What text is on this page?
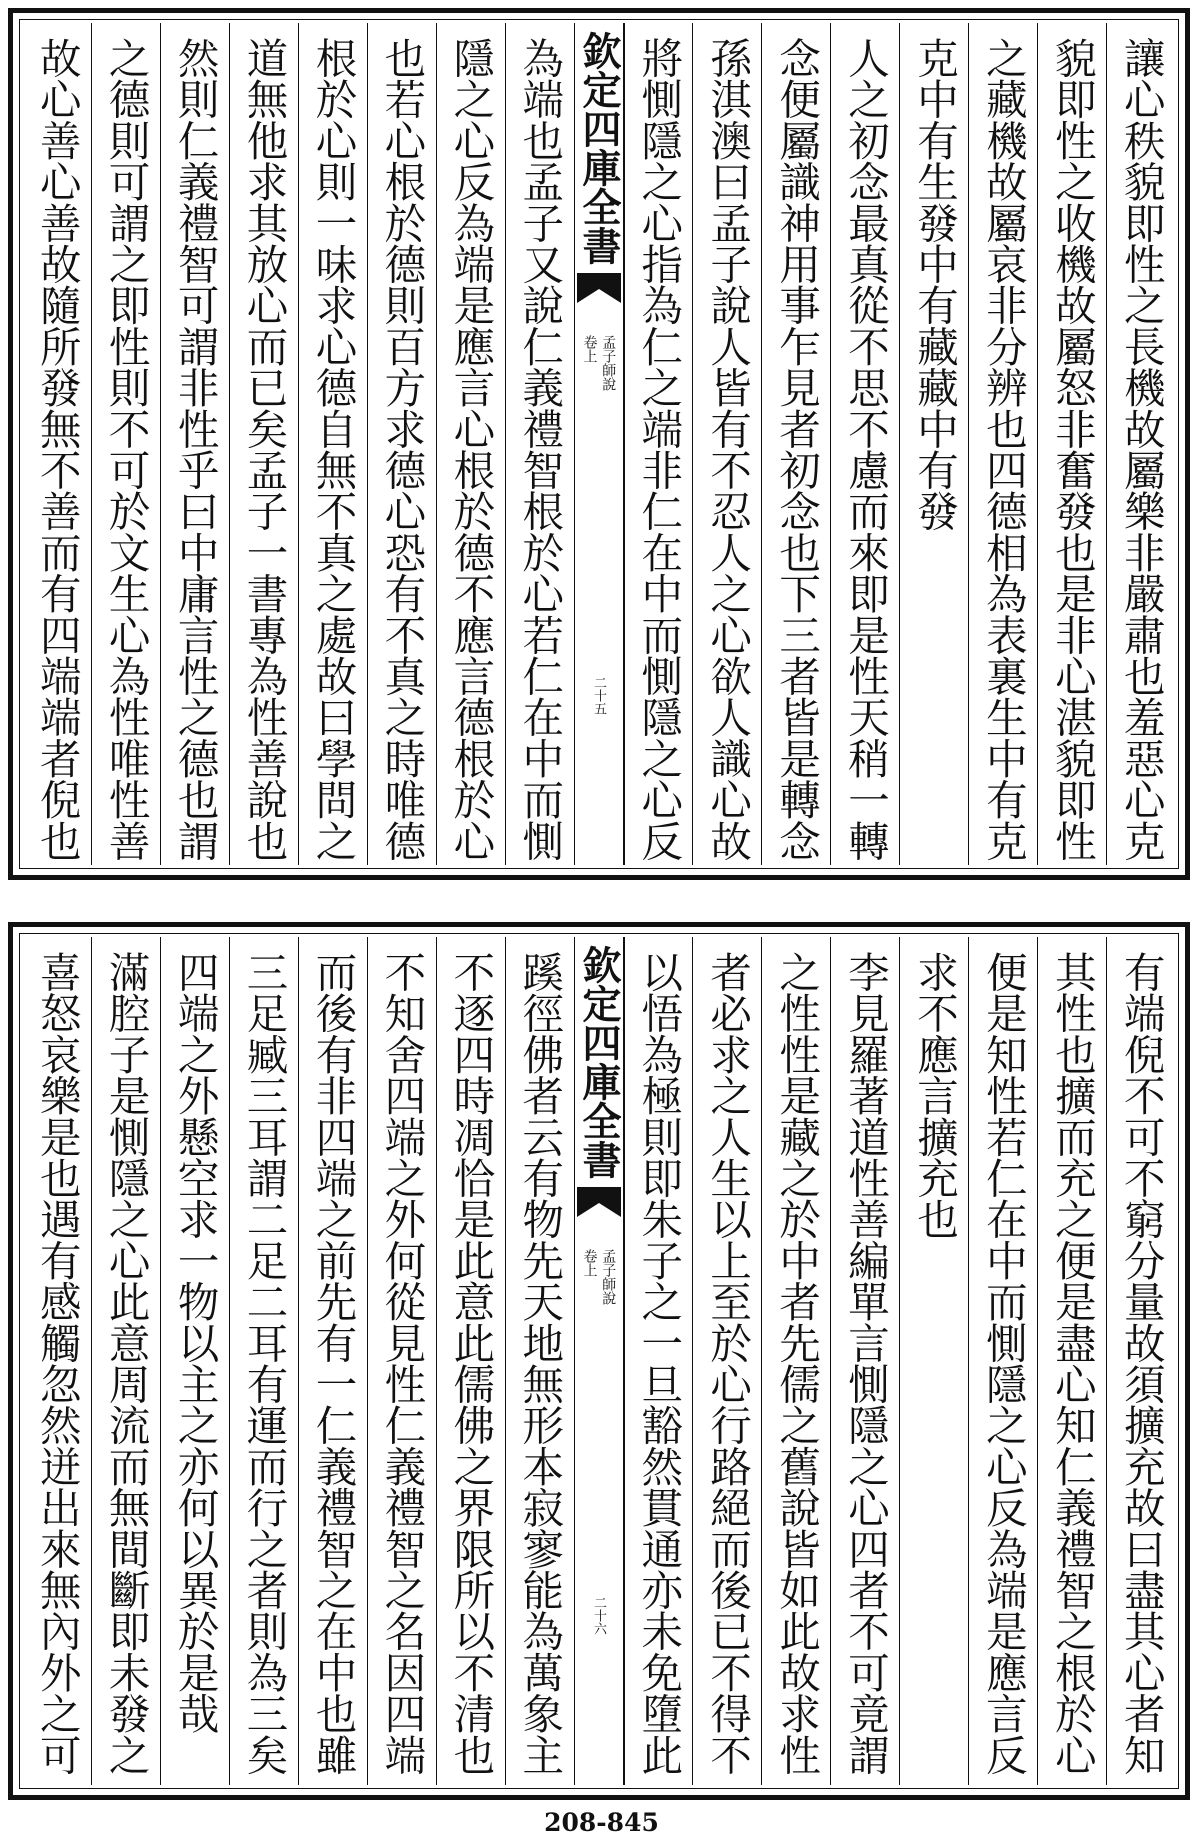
讓心秩貌即性之長機故屬樂非嚴肅也羞惡心克
貌即性之收機故屬怒非奮發也是非心湛貌即性
之藏機故屬哀非分辨也四德相為表裏生中有克
克中有生發中有藏藏中有發
人之初念最真從不思不慮而來即是性天稍一轉
念便屬識神用事乍見者初念也下三者皆是轉念
孫淇澳曰孟子說人皆有不忍人之心欲人識心故
將惻隱之心指為仁之端非仁在中而惻隱之心反
欽定四庫全書
卷上 孟子師說
二十五
為端也孟子又說仁義禮智根於心若仁在中而惻
隱之心反為端是應言心根於德不應言德根於心
也若心根於德則百方求德心恐有不真之時唯德
根於心則一味求心德自無不真之處故曰學問之
道無他求其放心而已矣孟子一書專為性善說也
然則仁義禮智可謂非性乎曰中庸言性之德也謂
之德則可謂之即性則不可於文生心為性唯性善
故心善心善故隨所發無不善而有四端端者倪也
有端倪不可不窮分量故須擴充故曰盡其心者知
其性也擴而充之便是盡心知仁義禮智之根於心
便是知性若仁在中而惻隱之心反為端是應言反
求不應言擴充也
李見羅著道性善編單言惻隱之心四者不可竟謂
之性性是藏之於中者先儒之舊說皆如此故求性
者必求之人生以上至於心行路絕而後已不得不
以悟為極則即朱子之一旦豁然貫通亦未免墮此
欽定四庫全書
卷上 孟子師說
二十六
蹊徑佛者云有物先天地無形本寂寥能為萬象主
不逐四時凋恰是此意此儒佛之界限所以不清也
不知舍四端之外何從見性仁義禮智之名因四端
而後有非四端之前先有一仁義禮智之在中也雖
三足臧三耳謂二足二耳有運而行之者則為三矣
四端之外懸空求一物以主之亦何以異於是哉
滿腔子是惻隱之心此意周流而無間斷即未發之
喜怒哀樂是也遇有感觸忽然迸出來無內外之可
208-845
